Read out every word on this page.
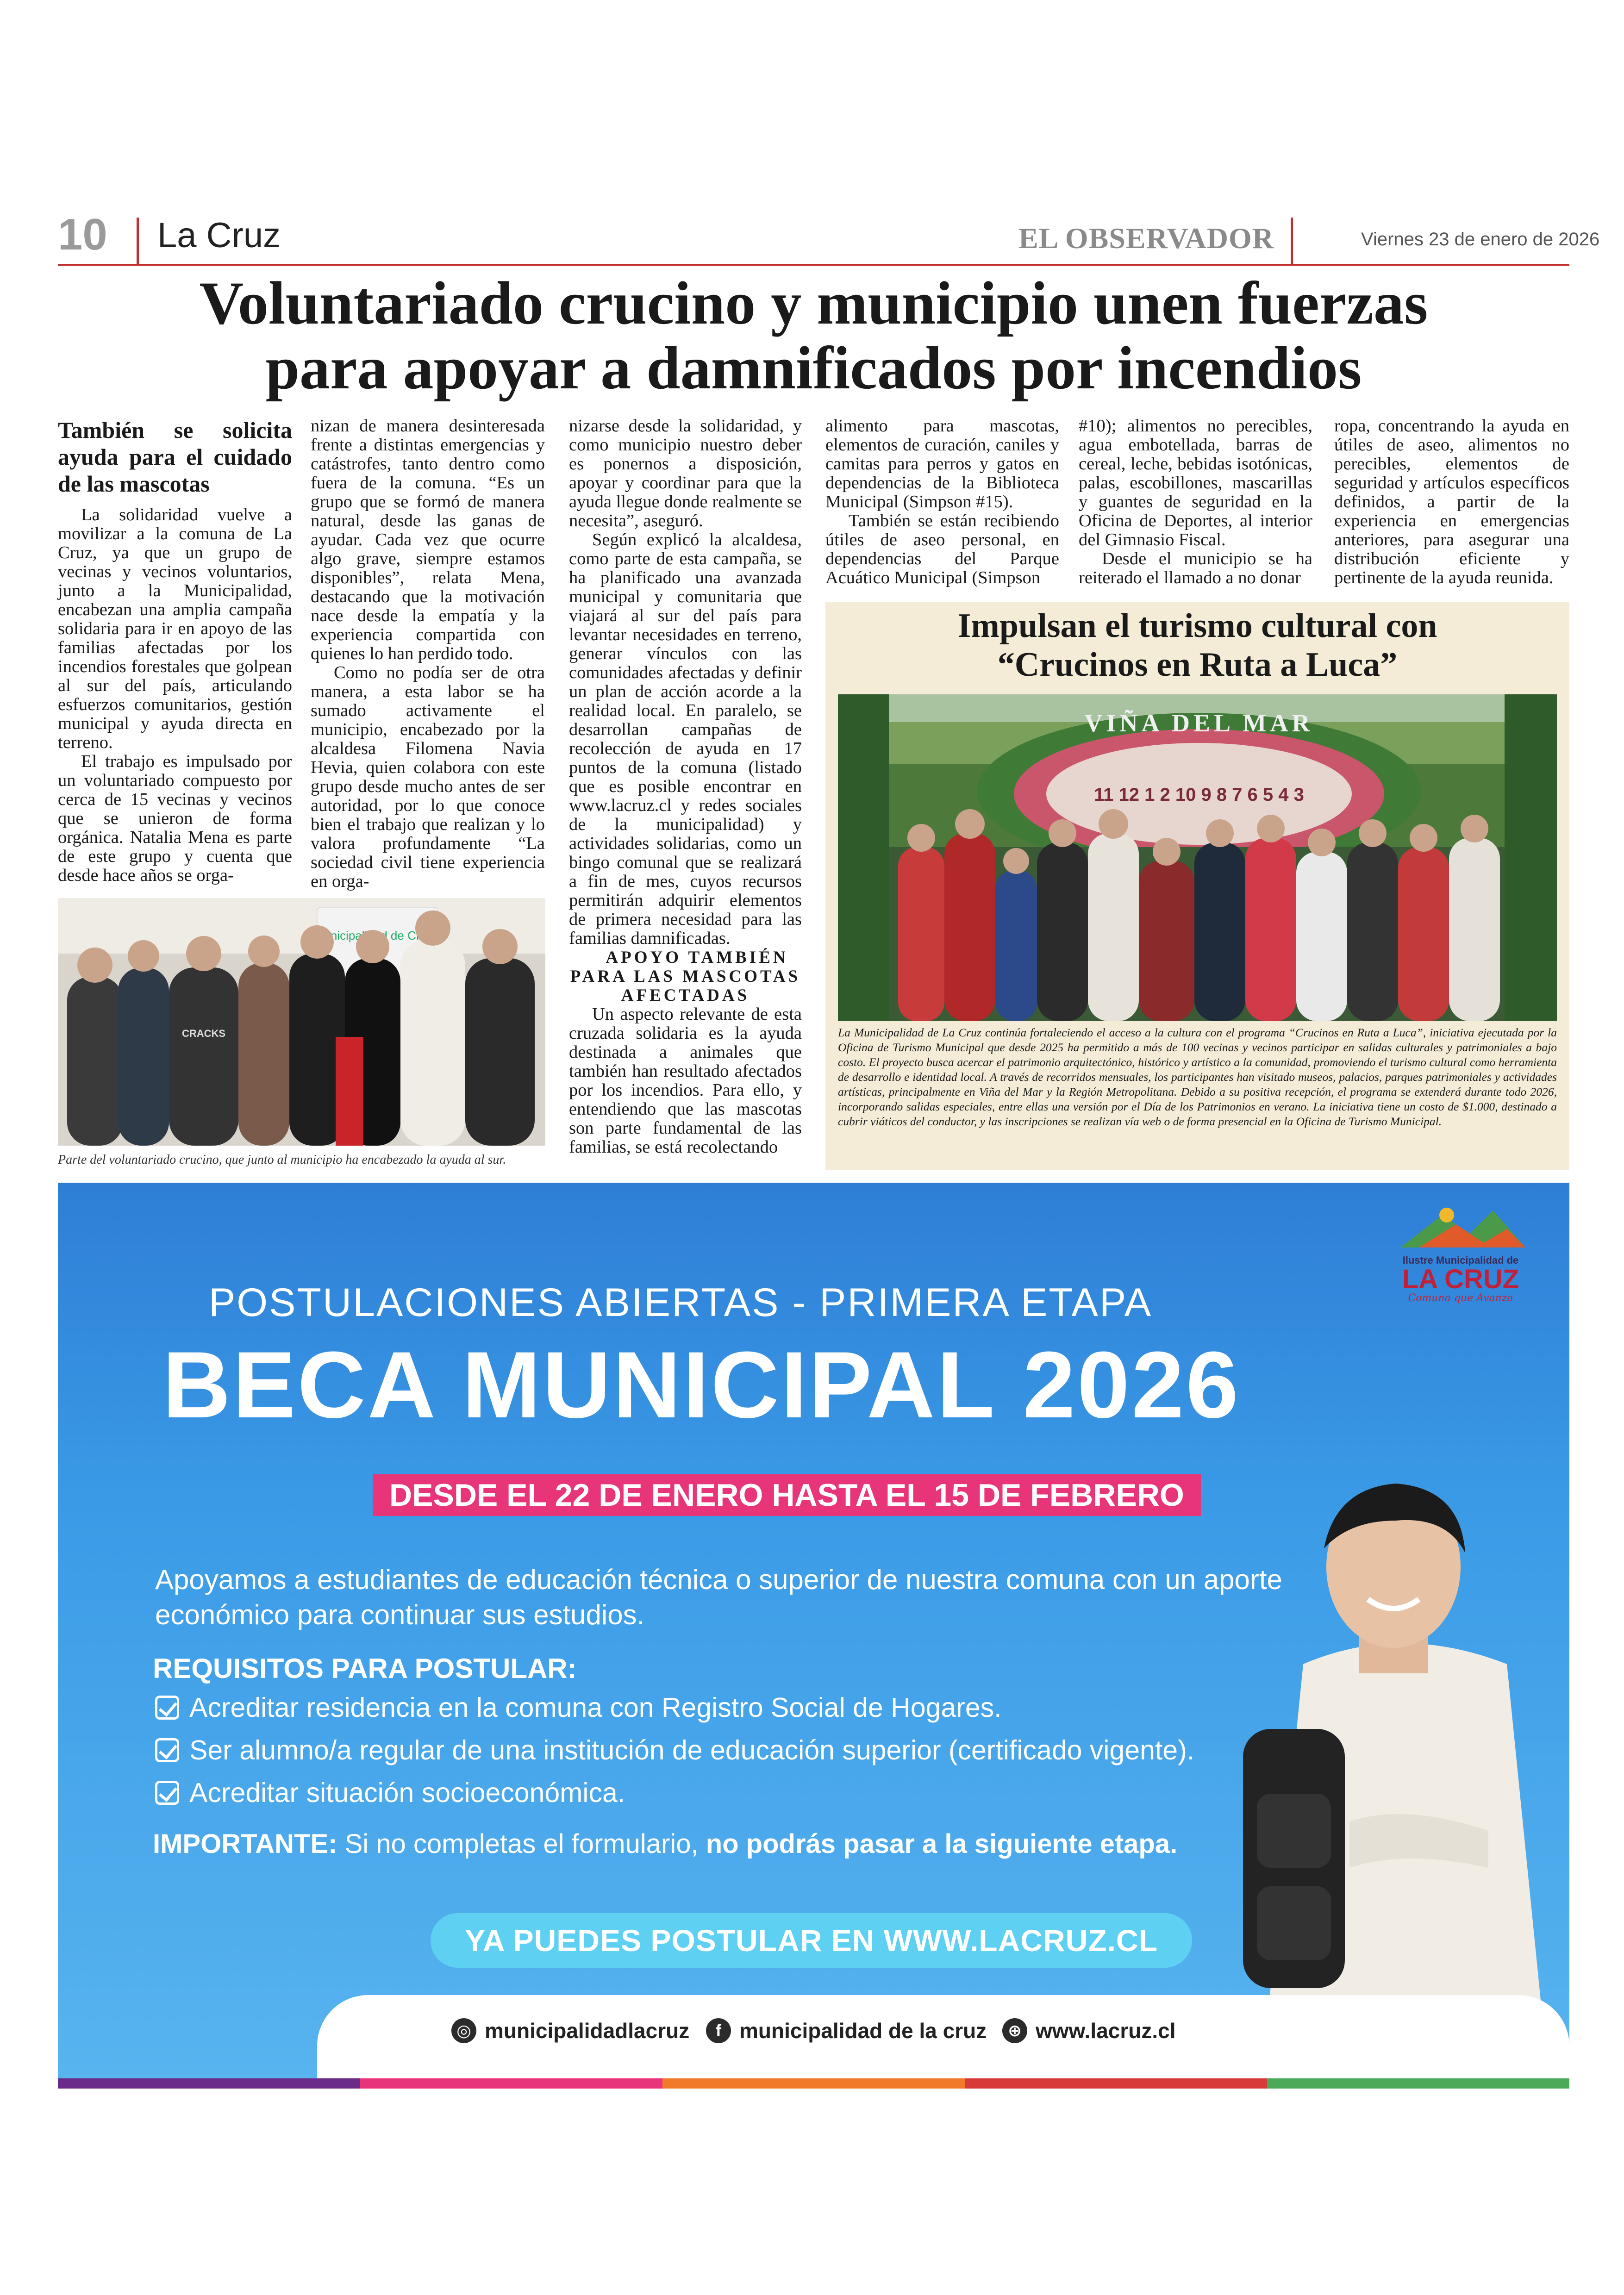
10 La Cruz	EL OBSERVADOR	Viernes 23 de enero de 2026
Voluntariado crucino y municipio unen fuerzas
para apoyar a damnificados por incendios
También se solicita ayuda para el cuidado de las mascotas

La solidaridad vuelve a movilizar a la comuna de La Cruz, ya que un grupo de vecinas y vecinos voluntarios, junto a la Municipalidad, encabezan una amplia campaña solidaria para ir en apoyo de las familias afectadas por los incendios forestales que golpean al sur del país, articulando esfuerzos comunitarios, gestión municipal y ayuda directa en terreno.

El trabajo es impulsado por un voluntariado compuesto por cerca de 15 vecinas y vecinos que se unieron de forma orgánica. Natalia Mena es parte de este grupo y cuenta que desde hace años se orga-

nizan de manera desinteresada frente a distintas emergencias y catástrofes, tanto dentro como fuera de la comuna. “Es un grupo que se formó de manera natural, desde las ganas de ayudar. Cada vez que ocurre algo grave, siempre estamos disponibles”, relata Mena, destacando que la motivación nace desde la empatía y la experiencia compartida con quienes lo han perdido todo.

Como no podía ser de otra manera, a esta labor se ha sumado activamente el municipio, encabezado por la alcaldesa Filomena Navia Hevia, quien colabora con este grupo desde mucho antes de ser autoridad, por lo que conoce bien el trabajo que realizan y lo valora profundamente “La sociedad civil tiene experiencia en orga-

nizarse desde la solidaridad, y como municipio nuestro deber es ponernos a disposición, apoyar y coordinar para que la ayuda llegue donde realmente se necesita”, aseguró.

Según explicó la alcaldesa, como parte de esta campaña, se ha planificado una avanzada municipal y comunitaria que viajará al sur del país para levantar necesidades en terreno, generar vínculos con las comunidades afectadas y definir un plan de acción acorde a la realidad local. En paralelo, se desarrollan campañas de recolección de ayuda en 17 puntos de la comuna (listado que es posible encontrar en www.lacruz.cl y redes sociales de la municipalidad) y actividades solidarias, como un bingo comunal que se realizará a fin de mes, cuyos recursos permitirán adquirir elementos de primera necesidad para las familias damnificadas.

APOYO TAMBIÉN PARA LAS MASCOTAS AFECTADAS

Un aspecto relevante de esta cruzada solidaria es la ayuda destinada a animales que también han resultado afectados por los incendios. Para ello, y entendiendo que las mascotas son parte fundamental de las familias, se está recolectando

alimento para mascotas, elementos de curación, caniles y camitas para perros y gatos en dependencias de la Biblioteca Municipal (Simpson #15).

También se están recibiendo útiles de aseo personal, en dependencias del Parque Acuático Municipal (Simpson

#10); alimentos no perecibles, agua embotellada, barras de cereal, leche, bebidas isotónicas, palas, escobillones, mascarillas y guantes de seguridad en la Oficina de Deportes, al interior del Gimnasio Fiscal.

Desde el municipio se ha reiterado el llamado a no donar

ropa, concentrando la ayuda en útiles de aseo, alimentos no perecibles, elementos de seguridad y artículos específicos definidos, a partir de la experiencia en emergencias anteriores, para asegurar una distribución eficiente y pertinente de la ayuda reunida.

municipalidad de
CRACKS
Parte del voluntariado crucino, que junto al municipio ha encabezado la ayuda al sur.
Impulsan el turismo cultural con
“Crucinos en Ruta a Luca”
VIÑA DEL MAR
11 12 1 2 10 9 8 7 6 5 4 3
La Municipalidad de La Cruz continúa fortaleciendo el acceso a la cultura con el programa “Crucinos en Ruta a Luca”, iniciativa ejecutada por la Oficina de Turismo Municipal que desde 2025 ha permitido a más de 100 vecinas y vecinos participar en salidas culturales y patrimoniales a bajo costo. El proyecto busca acercar el patrimonio arquitectónico, histórico y artístico a la comunidad, promoviendo el turismo cultural como herramienta de desarrollo e identidad local. A través de recorridos mensuales, los participantes han visitado museos, palacios, parques patrimoniales y actividades artísticas, principalmente en Viña del Mar y la Región Metropolitana. Debido a su positiva recepción, el programa se extenderá durante todo 2026, incorporando salidas especiales, entre ellas una versión por el Día de los Patrimonios en verano. La iniciativa tiene un costo de $1.000, destinado a cubrir viáticos del conductor, y las inscripciones se realizan vía web o de forma presencial en la Oficina de Turismo Municipal.
Ilustre Municipalidad de
LA CRUZ
Comuna que Avanza
POSTULACIONES ABIERTAS - PRIMERA ETAPA
BECA MUNICIPAL 2026
DESDE EL 22 DE ENERO HASTA EL 15 DE FEBRERO
Apoyamos a estudiantes de educación técnica o superior de nuestra comuna con un aporte
económico para continuar sus estudios.
REQUISITOS PARA POSTULAR:
Acreditar residencia en la comuna con Registro Social de Hogares.
Ser alumno/a regular de una institución de educación superior (certificado vigente).
Acreditar situación socioeconómica.
IMPORTANTE: Si no completas el formulario, no podrás pasar a la siguiente etapa.
YA PUEDES POSTULAR EN WWW.LACRUZ.CL
◎ municipalidadlacruz	f municipalidad de la cruz	⊕ www.lacruz.cl
